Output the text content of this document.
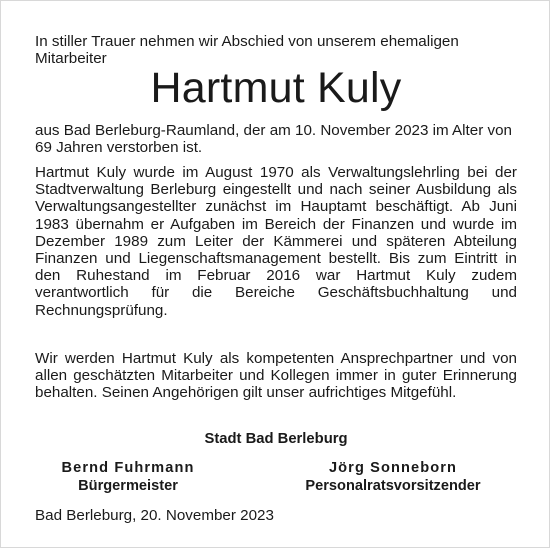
In stiller Trauer nehmen wir Abschied von unserem ehemaligen Mitarbeiter

Hartmut Kuly

aus Bad Berleburg-Raumland, der am 10. November 2023 im Alter von 69 Jahren verstorben ist.

Hartmut Kuly wurde im August 1970 als Verwaltungslehrling bei der Stadtverwaltung Berleburg eingestellt und nach seiner Ausbildung als Verwaltungsangestellter zunächst im Hauptamt beschäftigt. Ab Juni 1983 übernahm er Aufgaben im Bereich der Finanzen und wurde im Dezember 1989 zum Leiter der Kämmerei und späteren Abteilung Finanzen und Liegenschaftsmanagement bestellt. Bis zum Eintritt in den Ruhestand im Februar 2016 war Hartmut Kuly zudem verantwortlich für die Bereiche Geschäftsbuchhaltung und Rechnungsprüfung.

Wir werden Hartmut Kuly als kompetenten Ansprechpartner und von allen geschätzten Mitarbeiter und Kollegen immer in guter Erinnerung behalten. Seinen Angehörigen gilt unser aufrichtiges Mitgefühl.

Stadt Bad Berleburg

Bernd Fuhrmann
Bürgermeister
Jörg Sonneborn
Personalratsvorsitzender

Bad Berleburg, 20. November 2023
